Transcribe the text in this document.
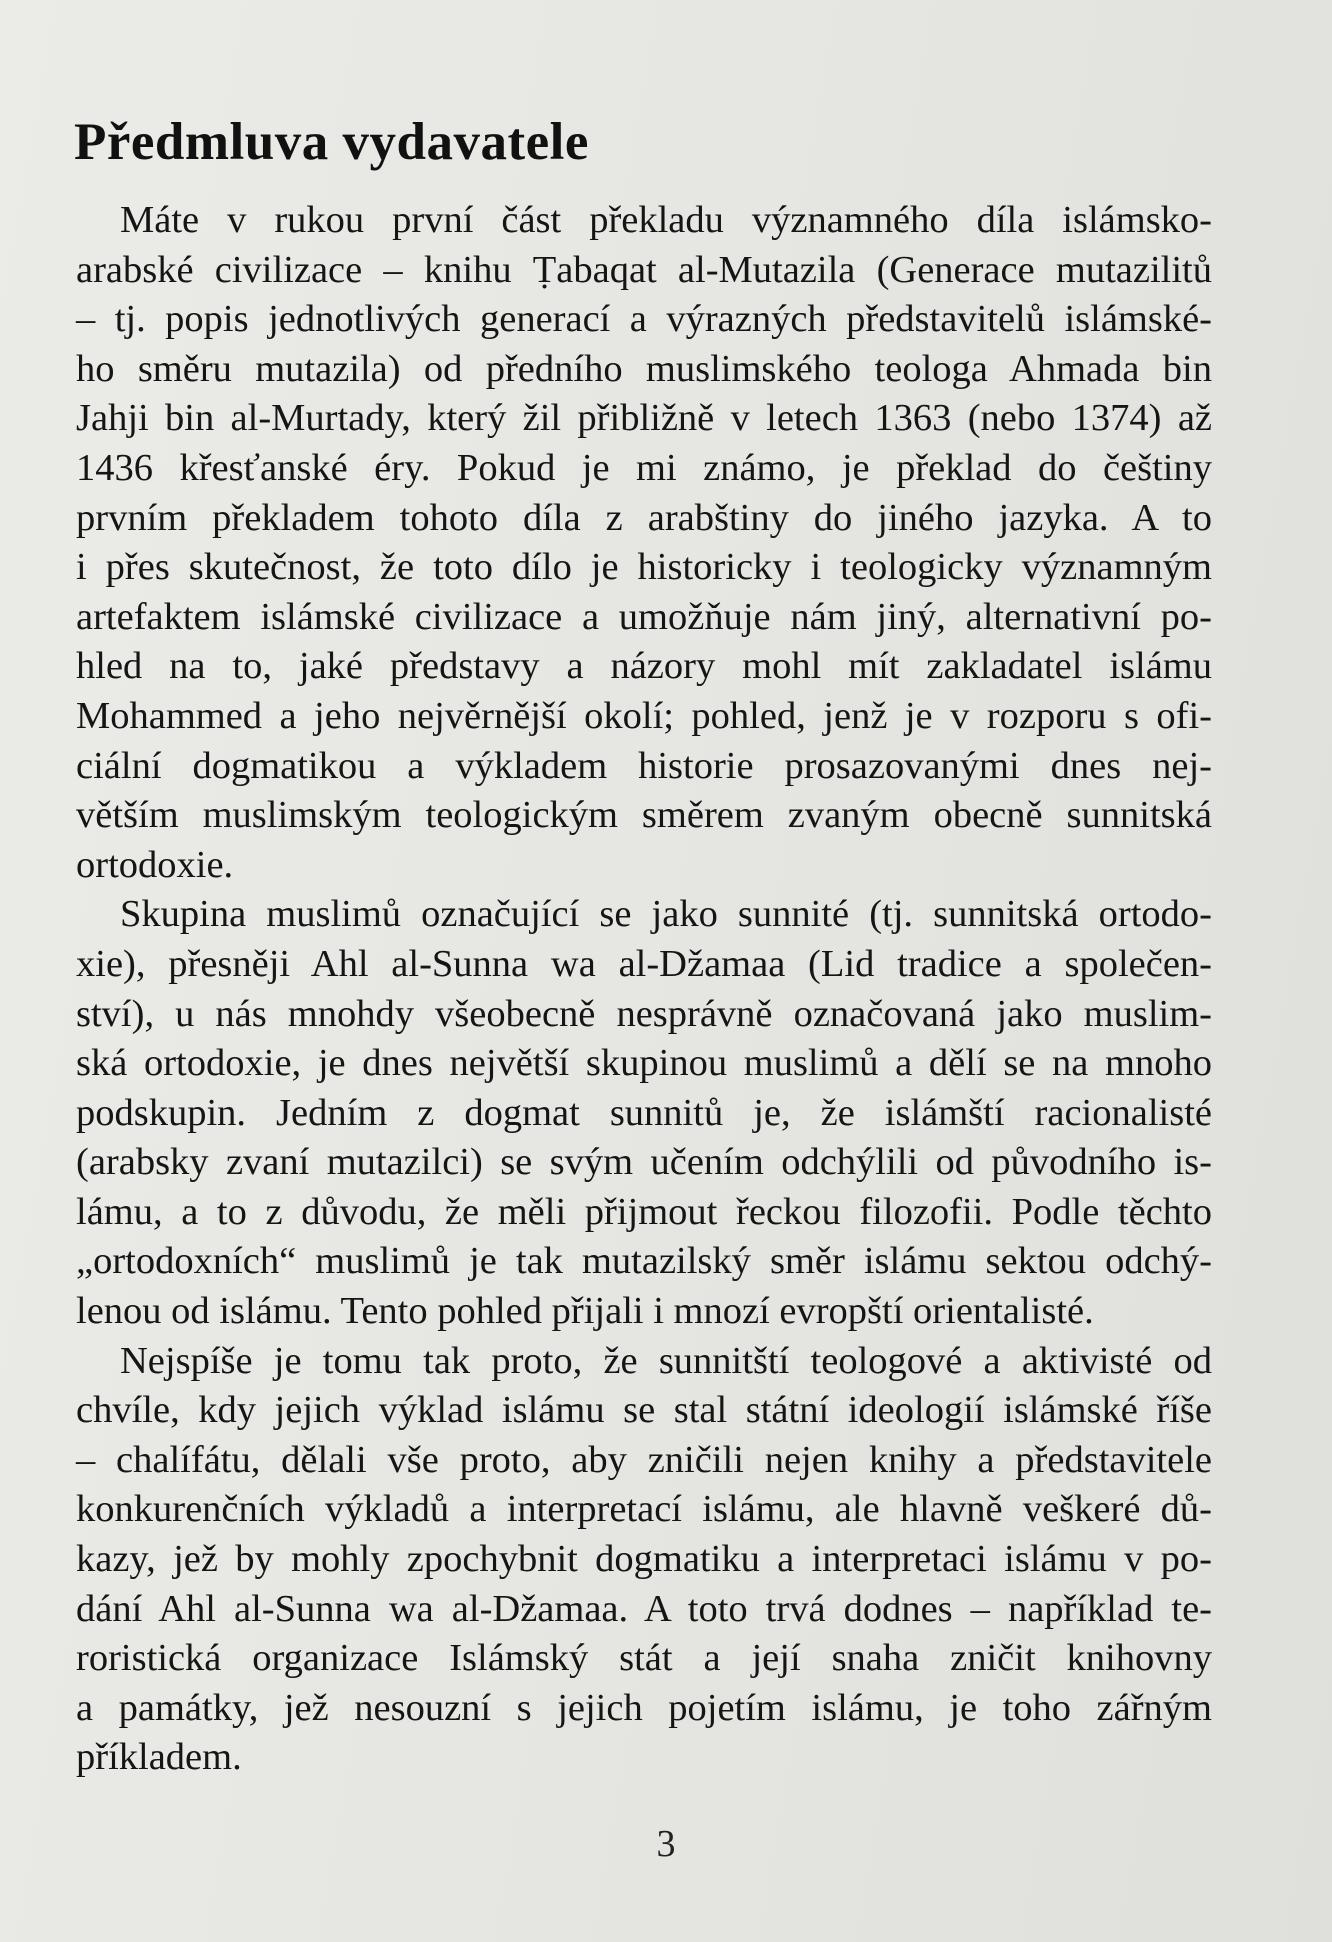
Předmluva vydavatele
Máte v rukou první část překladu významného díla islámsko-
arabské civilizace – knihu Ṭabaqat al-Mutazila (Generace mutazilitů
– tj. popis jednotlivých generací a výrazných představitelů islámské-
ho směru mutazila) od předního muslimského teologa Ahmada bin
Jahji bin al-Murtady, který žil přibližně v letech 1363 (nebo 1374) až
1436 křesťanské éry. Pokud je mi známo, je překlad do češtiny
prvním překladem tohoto díla z arabštiny do jiného jazyka. A to
i přes skutečnost, že toto dílo je historicky i teologicky významným
artefaktem islámské civilizace a umožňuje nám jiný, alternativní po-
hled na to, jaké představy a názory mohl mít zakladatel islámu
Mohammed a jeho nejvěrnější okolí; pohled, jenž je v rozporu s ofi-
ciální dogmatikou a výkladem historie prosazovanými dnes nej-
větším muslimským teologickým směrem zvaným obecně sunnitská
ortodoxie.
Skupina muslimů označující se jako sunnité (tj. sunnitská ortodo-
xie), přesněji Ahl al-Sunna wa al-Džamaa (Lid tradice a společen-
ství), u nás mnohdy všeobecně nesprávně označovaná jako muslim-
ská ortodoxie, je dnes největší skupinou muslimů a dělí se na mnoho
podskupin. Jedním z dogmat sunnitů je, že islámští racionalisté
(arabsky zvaní mutazilci) se svým učením odchýlili od původního is-
lámu, a to z důvodu, že měli přijmout řeckou filozofii. Podle těchto
„ortodoxních“ muslimů je tak mutazilský směr islámu sektou odchý-
lenou od islámu. Tento pohled přijali i mnozí evropští orientalisté.
Nejspíše je tomu tak proto, že sunnitští teologové a aktivisté od
chvíle, kdy jejich výklad islámu se stal státní ideologií islámské říše
– chalífátu, dělali vše proto, aby zničili nejen knihy a představitele
konkurenčních výkladů a interpretací islámu, ale hlavně veškeré dů-
kazy, jež by mohly zpochybnit dogmatiku a interpretaci islámu v po-
dání Ahl al-Sunna wa al-Džamaa. A toto trvá dodnes – například te-
roristická organizace Islámský stát a její snaha zničit knihovny
a památky, jež nesouzní s jejich pojetím islámu, je toho zářným
příkladem.
3
